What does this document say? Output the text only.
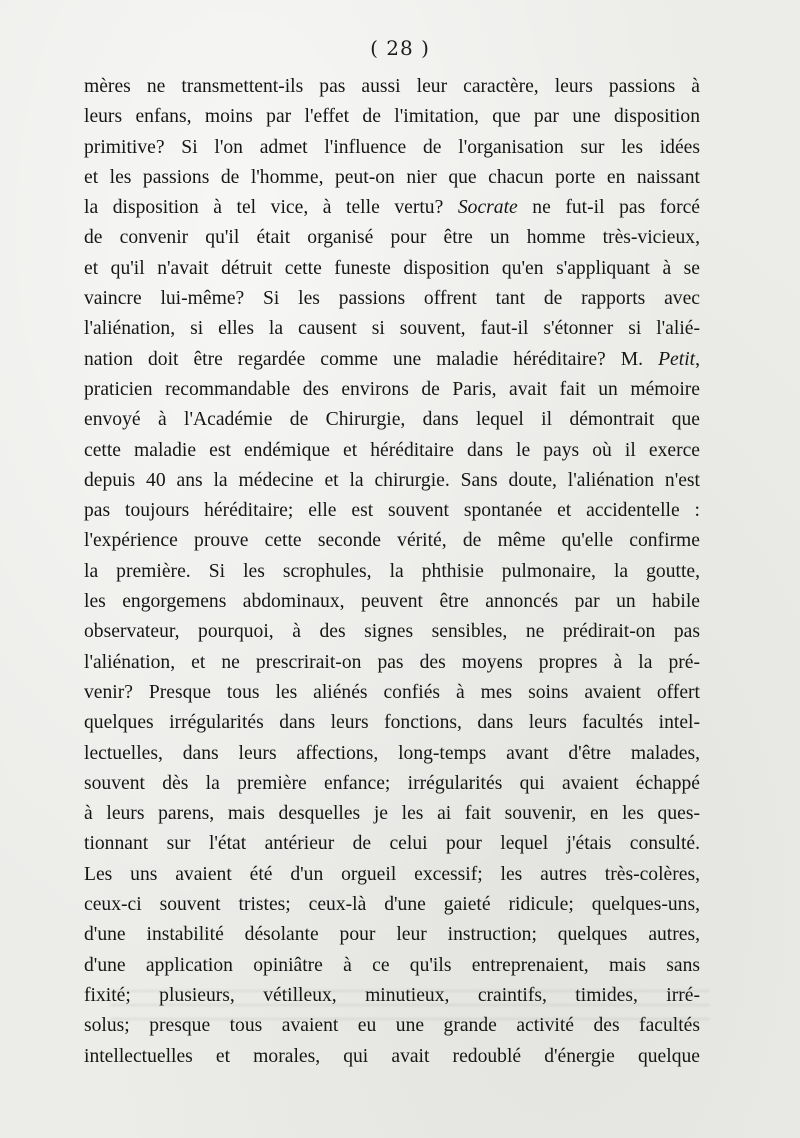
( 28 )
mères ne transmettent-ils pas aussi leur caractère, leurs passions à
leurs enfans, moins par l'effet de l'imitation, que par une disposition
primitive? Si l'on admet l'influence de l'organisation sur les idées
et les passions de l'homme, peut-on nier que chacun porte en naissant
la disposition à tel vice, à telle vertu? Socrate ne fut-il pas forcé
de convenir qu'il était organisé pour être un homme très-vicieux,
et qu'il n'avait détruit cette funeste disposition qu'en s'appliquant à se
vaincre lui-même? Si les passions offrent tant de rapports avec
l'aliénation, si elles la causent si souvent, faut-il s'étonner si l'alié-
nation doit être regardée comme une maladie héréditaire? M. Petit,
praticien recommandable des environs de Paris, avait fait un mémoire
envoyé à l'Académie de Chirurgie, dans lequel il démontrait que
cette maladie est endémique et héréditaire dans le pays où il exerce
depuis 40 ans la médecine et la chirurgie. Sans doute, l'aliénation n'est
pas toujours héréditaire; elle est souvent spontanée et accidentelle :
l'expérience prouve cette seconde vérité, de même qu'elle confirme
la première. Si les scrophules, la phthisie pulmonaire, la goutte,
les engorgemens abdominaux, peuvent être annoncés par un habile
observateur, pourquoi, à des signes sensibles, ne prédirait-on pas
l'aliénation, et ne prescrirait-on pas des moyens propres à la pré-
venir? Presque tous les aliénés confiés à mes soins avaient offert
quelques irrégularités dans leurs fonctions, dans leurs facultés intel-
lectuelles, dans leurs affections, long-temps avant d'être malades,
souvent dès la première enfance; irrégularités qui avaient échappé
à leurs parens, mais desquelles je les ai fait souvenir, en les ques-
tionnant sur l'état antérieur de celui pour lequel j'étais consulté.
Les uns avaient été d'un orgueil excessif; les autres très-colères,
ceux-ci souvent tristes; ceux-là d'une gaieté ridicule; quelques-uns,
d'une instabilité désolante pour leur instruction; quelques autres,
d'une application opiniâtre à ce qu'ils entreprenaient, mais sans
fixité; plusieurs, vétilleux, minutieux, craintifs, timides, irré-
solus; presque tous avaient eu une grande activité des facultés
intellectuelles et morales, qui avait redoublé d'énergie quelque
